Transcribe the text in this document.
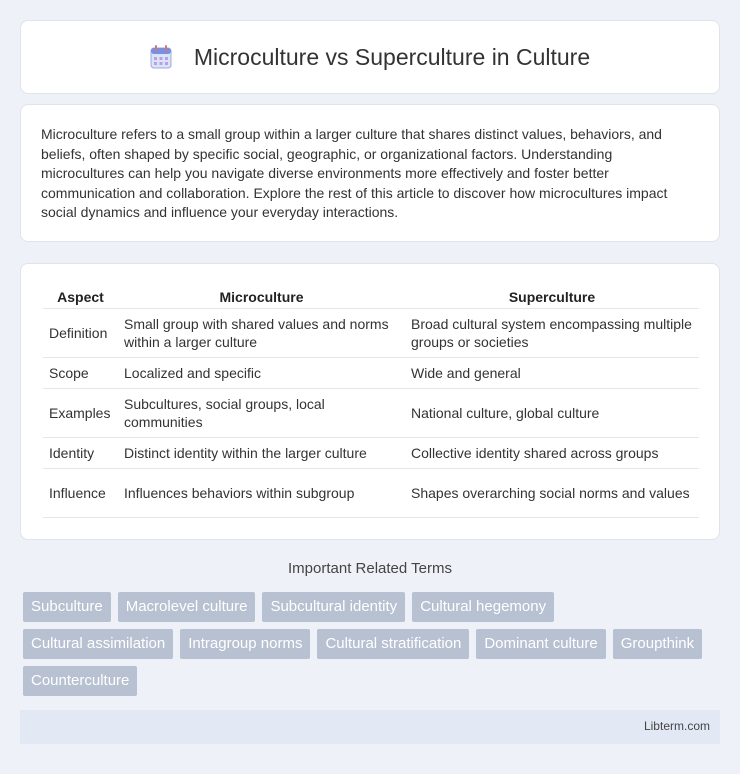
Microculture vs Superculture in Culture

Microculture refers to a small group within a larger culture that shares distinct values, behaviors, and beliefs, often shaped by specific social, geographic, or organizational factors. Understanding microcultures can help you navigate diverse environments more effectively and foster better communication and collaboration. Explore the rest of this article to discover how microcultures impact social dynamics and influence your everyday interactions.

Aspect	Microculture	Superculture
Definition	Small group with shared values and norms within a larger culture	Broad cultural system encompassing multiple groups or societies
Scope	Localized and specific	Wide and general
Examples	Subcultures, social groups, local communities	National culture, global culture
Identity	Distinct identity within the larger culture	Collective identity shared across groups
Influence	Influences behaviors within subgroup	Shapes overarching social norms and values
Important Related Terms
Subculture	Macrolevel culture	Subcultural identity	Cultural hegemony
Cultural assimilation	Intragroup norms	Cultural stratification	Dominant culture	Groupthink
Counterculture
Libterm.com
